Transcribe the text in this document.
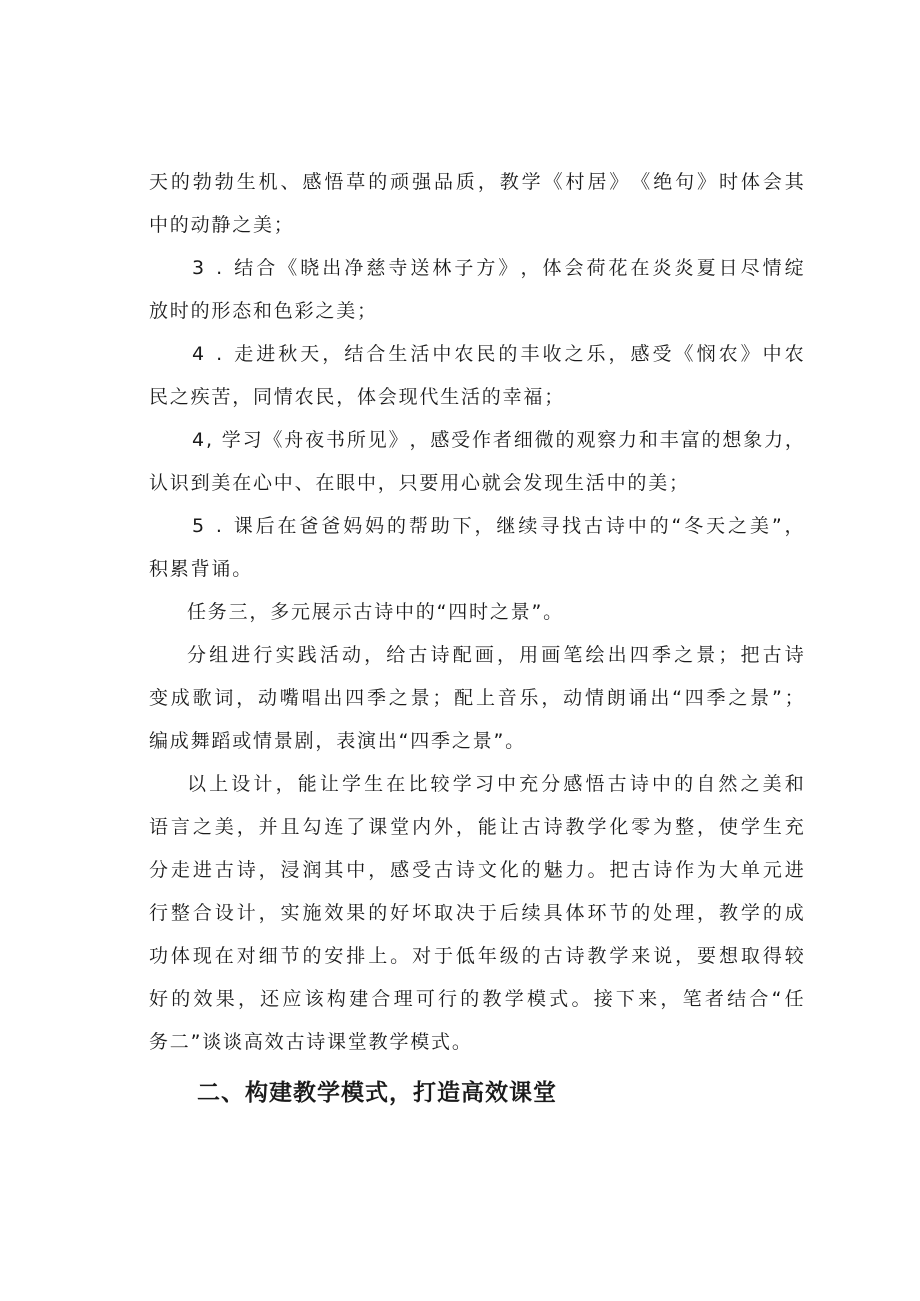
天 的 勃 勃 生 机 、 感 悟 草 的 顽 强 品 质 ， 教 学 《 村 居 》 《 绝 句 》 时 体 会 其
中的动静之美；
3
.
结 合 《 晓 出 净 慈 寺 送 林 子 方 》 ， 体 会 荷 花 在 炎 炎 夏 日 尽 情 绽
放时的形态和色彩之美；
4
.
走 进 秋 天 ， 结 合 生 活 中 农 民 的 丰 收 之 乐 ， 感 受 《 悯 农 》 中 农
民之疾苦，同情农民，体会现代生活的幸福；
4 ,
学 习 《 舟 夜 书 所 见 》 ， 感 受 作 者 细 微 的 观 察 力 和 丰 富 的 想 象 力 ，
认识到美在心中、在眼中，只要用心就会发现生活中的美；
5
.
课 后 在 爸 爸 妈 妈 的 帮 助 下 ， 继 续 寻 找 古 诗 中 的 “ 冬 天 之 美 ” ，
积累背诵。
任务三，多元展示古诗中的“四时之景”。
分 组 进 行 实 践 活 动 ， 给 古 诗 配 画 ， 用 画 笔 绘 出 四 季 之 景 ； 把 古 诗
变 成 歌 词 ， 动 嘴 唱 出 四 季 之 景 ； 配 上 音 乐 ， 动 情 朗 诵 出 “ 四 季 之 景 ” ；
编成舞蹈或情景剧，表演出“四季之景”。
以 上 设 计 ， 能 让 学 生 在 比 较 学 习 中 充 分 感 悟 古 诗 中 的 自 然 之 美 和
语 言 之 美 ， 并 且 勾 连 了 课 堂 内 外 ， 能 让 古 诗 教 学 化 零 为 整 ， 使 学 生 充
分 走 进 古 诗 ， 浸 润 其 中 ， 感 受 古 诗 文 化 的 魅 力 。 把 古 诗 作 为 大 单 元 进
行 整 合 设 计 ， 实 施 效 果 的 好 坏 取 决 于 后 续 具 体 环 节 的 处 理 ， 教 学 的 成
功 体 现 在 对 细 节 的 安 排 上 。 对 于 低 年 级 的 古 诗 教 学 来 说 ， 要 想 取 得 较
好 的 效 果 ， 还 应 该 构 建 合 理 可 行 的 教 学 模 式 。 接 下 来 ， 笔 者 结 合 “ 任
务二”谈谈高效古诗课堂教学模式。
二、构建教学模式，打造高效课堂
